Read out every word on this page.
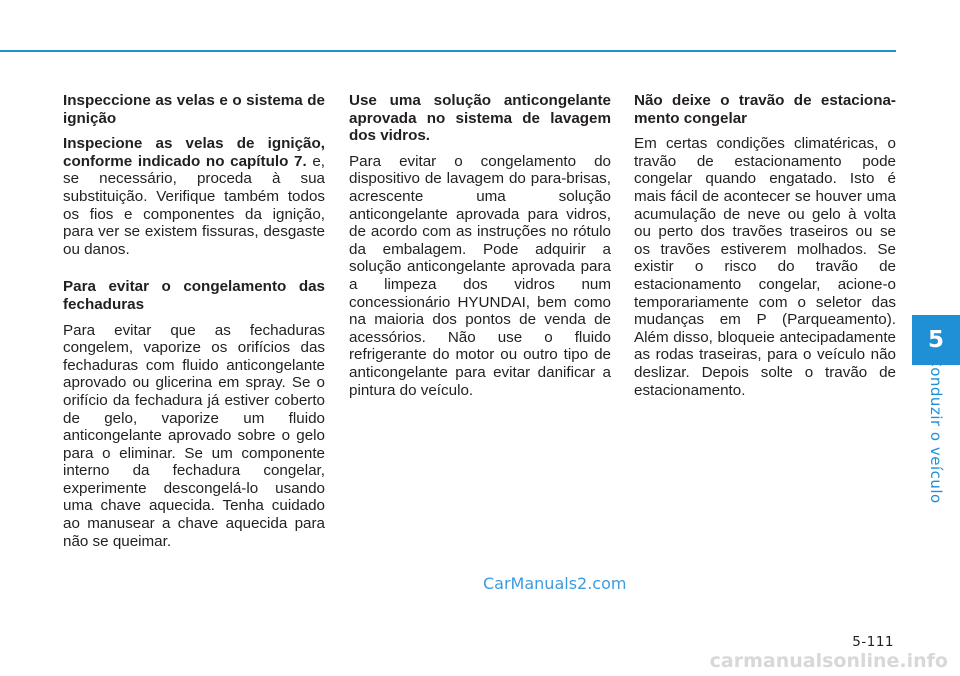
Inspeccione as velas e o sistema de ignição

Inspecione as velas de ignição, conforme indicado no capítulo 7. e, se necessário, proceda à sua substituição. Verifique também todos os fios e componentes da ignição, para ver se existem fissuras, desgaste ou danos.

Para evitar o congelamento das fechaduras

Para evitar que as fechaduras congelem, vaporize os orifícios das fechaduras com fluido anticongelante aprovado ou glicerina em spray. Se o orifício da fechadura já estiver coberto de gelo, vaporize um fluido anticongelante aprovado sobre o gelo para o eliminar. Se um componente interno da fechadura congelar, experimente descongelá-lo usando uma chave aquecida. Tenha cuidado ao manusear a chave aquecida para não se queimar.

Use uma solução anticongelante aprovada no sistema de lavagem dos vidros.

Para evitar o congelamento do dispositivo de lavagem do para-brisas, acrescente uma solução anticongelante aprovada para vidros, de acordo com as instruções no rótulo da embalagem. Pode adquirir a solução anticongelante aprovada para a limpeza dos vidros num concessionário HYUNDAI, bem como na maioria dos pontos de venda de acessórios. Não use o fluido refrigerante do motor ou outro tipo de anticongelante para evitar danificar a pintura do veículo.

Não deixe o travão de estaciona-mento congelar

Em certas condições climatéricas, o travão de estacionamento pode congelar quando engatado. Isto é mais fácil de acontecer se houver uma acumulação de neve ou gelo à volta ou perto dos travões traseiros ou se os travões estiverem molhados. Se existir o risco do travão de estacionamento congelar, acione-o temporariamente com o seletor das mudanças em P (Parqueamento). Além disso, bloqueie antecipadamente as rodas traseiras, para o veículo não deslizar. Depois solte o travão de estacionamento.

5
Conduzir o veículo
CarManuals2.com
5-111
carmanualsonline.info
